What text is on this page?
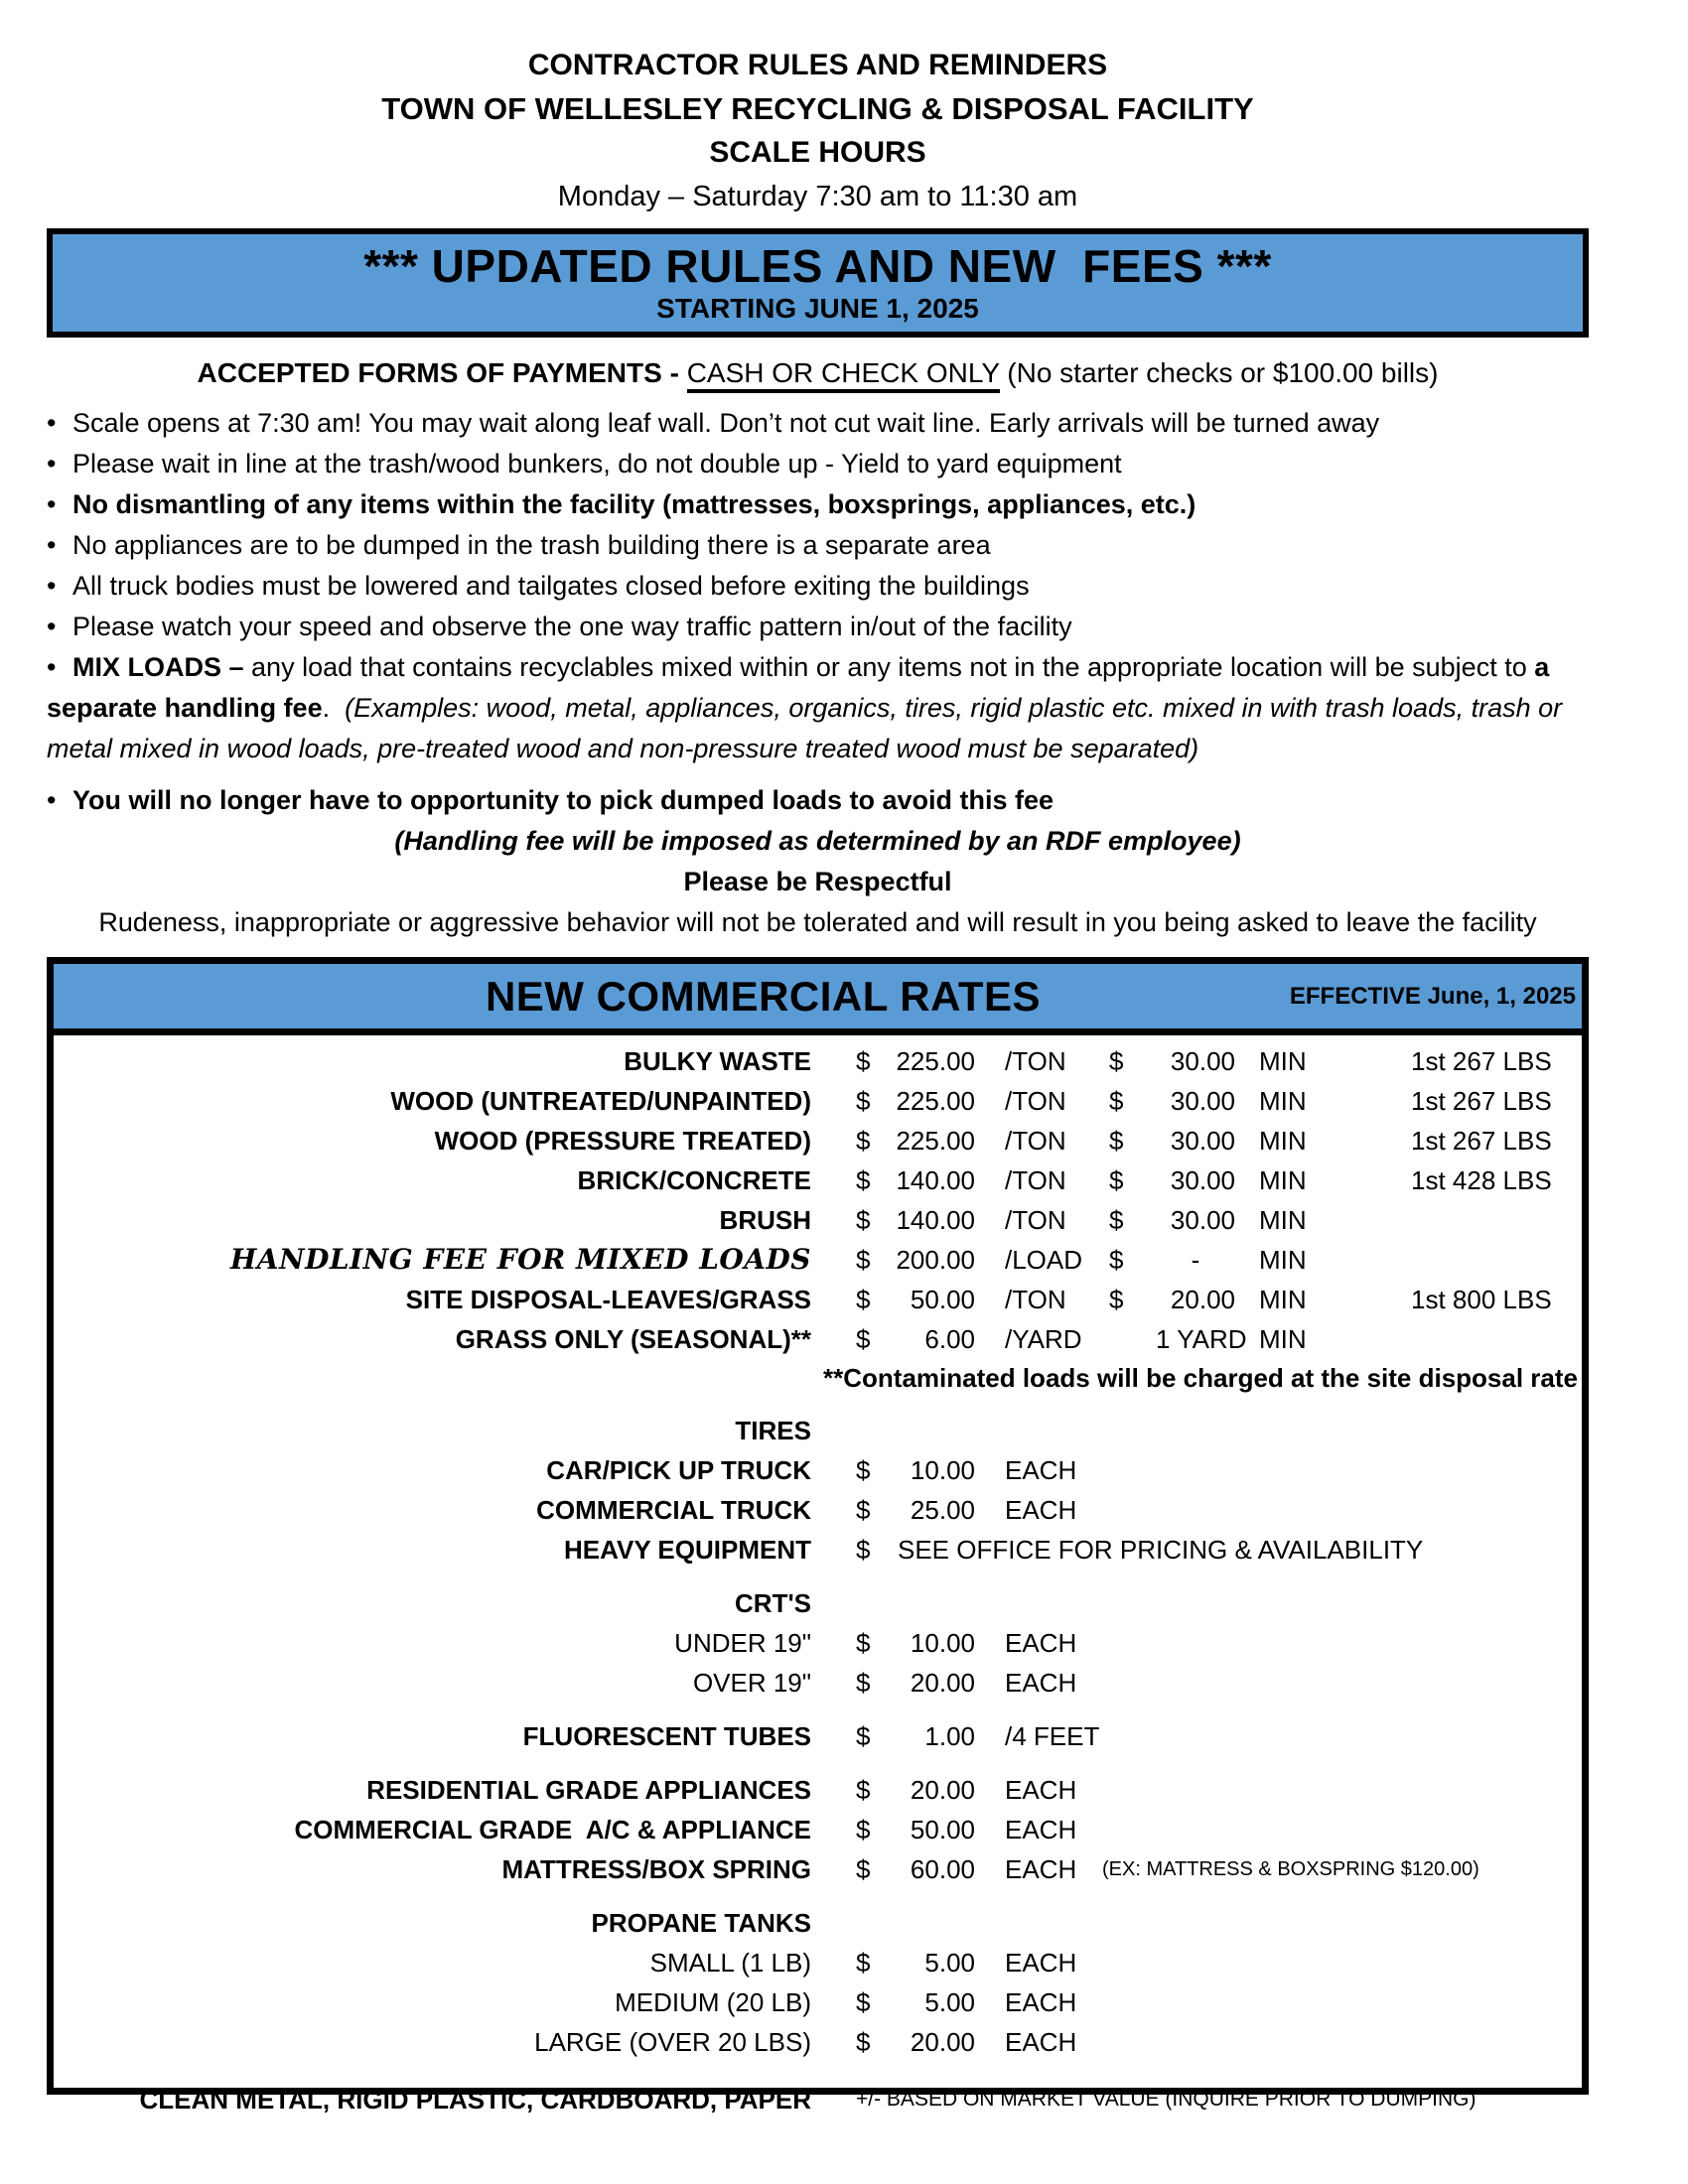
CONTRACTOR RULES AND REMINDERS
TOWN OF WELLESLEY RECYCLING & DISPOSAL FACILITY
SCALE HOURS
Monday – Saturday 7:30 am to 11:30 am
*** UPDATED RULES AND NEW  FEES ***
STARTING JUNE 1, 2025
ACCEPTED FORMS OF PAYMENTS - CASH OR CHECK ONLY (No starter checks or $100.00 bills)
• Scale opens at 7:30 am! You may wait along leaf wall. Don’t not cut wait line. Early arrivals will be turned away
• Please wait in line at the trash/wood bunkers, do not double up - Yield to yard equipment
• No dismantling of any items within the facility (mattresses, boxsprings, appliances, etc.)
• No appliances are to be dumped in the trash building there is a separate area
• All truck bodies must be lowered and tailgates closed before exiting the buildings
• Please watch your speed and observe the one way traffic pattern in/out of the facility
• MIX LOADS – any load that contains recyclables mixed within or any items not in the appropriate location will be subject to a separate handling fee.  (Examples: wood, metal, appliances, organics, tires, rigid plastic etc. mixed in with trash loads, trash or metal mixed in wood loads, pre-treated wood and non-pressure treated wood must be separated)
• You will no longer have to opportunity to pick dumped loads to avoid this fee
(Handling fee will be imposed as determined by an RDF employee)
Please be Respectful
Rudeness, inappropriate or aggressive behavior will not be tolerated and will result in you being asked to leave the facility
NEW COMMERCIAL RATES	EFFECTIVE June, 1, 2025
BULKY WASTE	$	225.00	/TON	$	30.00 MIN	1st 267 LBS
WOOD (UNTREATED/UNPAINTED)	$	225.00	/TON	$	30.00 MIN	1st 267 LBS
WOOD (PRESSURE TREATED)	$	225.00	/TON	$	30.00 MIN	1st 267 LBS
BRICK/CONCRETE	$	140.00	/TON	$	30.00 MIN	1st 428 LBS
BRUSH	$	140.00	/TON	$	30.00 MIN
HANDLING FEE FOR MIXED LOADS	$	200.00	/LOAD	$	-	MIN
SITE DISPOSAL-LEAVES/GRASS	$	50.00	/TON	$	20.00 MIN	1st 800 LBS
GRASS ONLY (SEASONAL)**	$	6.00	/YARD	1 YARD MIN
**Contaminated loads will be charged at the site disposal rate
TIRES
CAR/PICK UP TRUCK	$	10.00	EACH
COMMERCIAL TRUCK	$	25.00	EACH
HEAVY EQUIPMENT	$	SEE OFFICE FOR PRICING & AVAILABILITY
CRT'S
UNDER 19"	$	10.00	EACH
OVER 19"	$	20.00	EACH
FLUORESCENT TUBES	$	1.00	/4 FEET
RESIDENTIAL GRADE APPLIANCES	$	20.00	EACH
COMMERCIAL GRADE  A/C & APPLIANCE	$	50.00	EACH
MATTRESS/BOX SPRING	$	60.00	EACH	(EX: MATTRESS & BOXSPRING $120.00)
PROPANE TANKS
SMALL (1 LB)	$	5.00	EACH
MEDIUM (20 LB)	$	5.00	EACH
LARGE (OVER 20 LBS)	$	20.00	EACH
CLEAN METAL, RIGID PLASTIC, CARDBOARD, PAPER	+/- BASED ON MARKET VALUE (INQUIRE PRIOR TO DUMPING)
